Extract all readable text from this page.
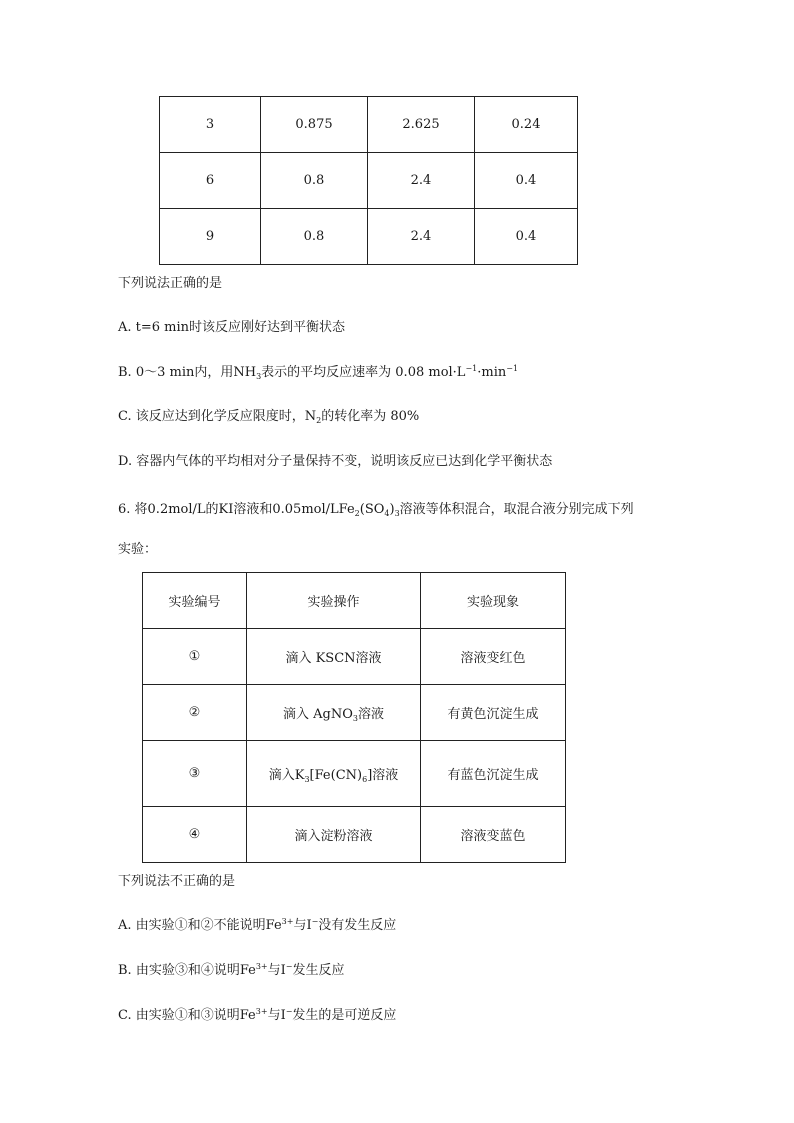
3	0.875	2.625	0.24
6	0.8	2.4	0.4
9	0.8	2.4	0.4
下列说法正确的是
A. t=6 min时该反应刚好达到平衡状态
B. 0～3 min内，用$NH_3$表示的平均反应速率为 0.08 $mol\cdot L^{-1}\cdot\min^{-1}$
C. 该反应达到化学反应限度时，$N_2$的转化率为 80%
D. 容器内气体的平均相对分子量保持不变，说明该反应已达到化学平衡状态
6. 将0.2mol/L的KI溶液和$0.05mol/LFe_2(SO_4)_3$溶液等体积混合，取混合液分别完成下列
实验：
实验编号	实验操作	实验现象
①	滴入 KSCN溶液	溶液变红色
②	滴入 AgNO$_3$溶液	有黄色沉淀生成
③	滴入$K_3[Fe(CN)_6]$溶液	有蓝色沉淀生成
④	滴入淀粉溶液	溶液变蓝色
下列说法不正确的是
A. 由实验①和②不能说明$Fe^{3+}$与I−没有发生反应
B. 由实验③和④说明$Fe^{3+}$与I−发生反应
C. 由实验①和③说明$Fe^{3+}$与I−发生的是可逆反应
